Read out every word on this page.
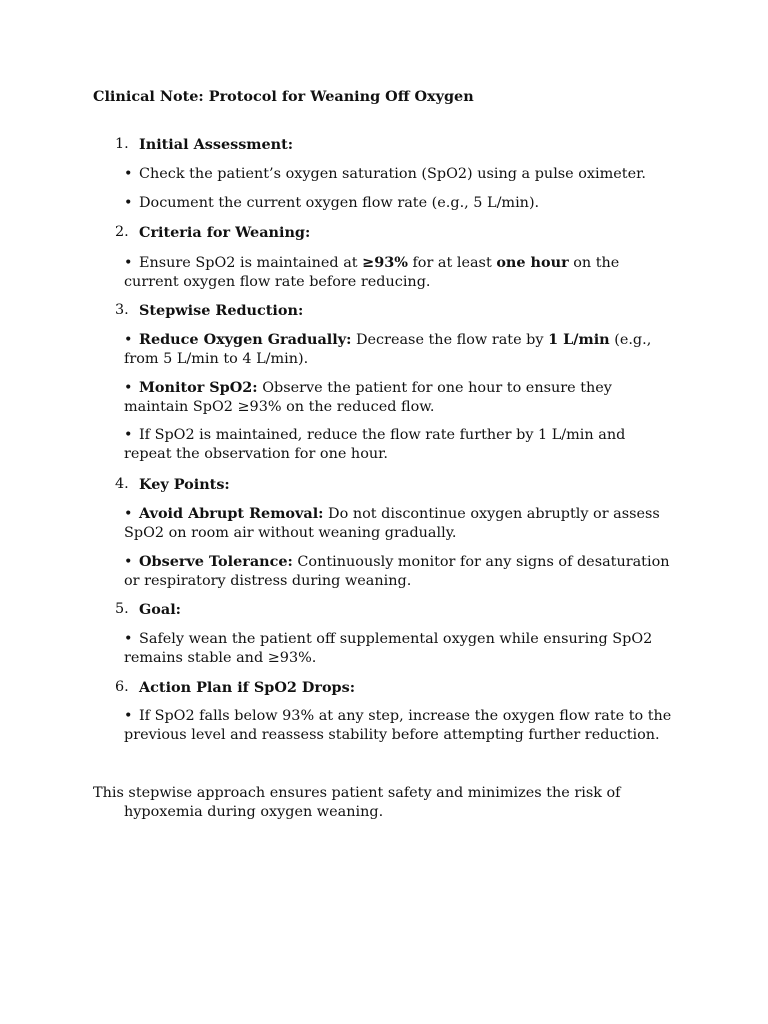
Clinical Note: Protocol for Weaning Off Oxygen
1. Initial Assessment:
• Check the patient’s oxygen saturation (SpO2) using a pulse oximeter.
• Document the current oxygen flow rate (e.g., 5 L/min).
2. Criteria for Weaning:
• Ensure SpO2 is maintained at ≥93% for at least one hour on the current oxygen flow rate before reducing.
3. Stepwise Reduction:
• Reduce Oxygen Gradually: Decrease the flow rate by 1 L/min (e.g., from 5 L/min to 4 L/min).
• Monitor SpO2: Observe the patient for one hour to ensure they maintain SpO2 ≥93% on the reduced flow.
• If SpO2 is maintained, reduce the flow rate further by 1 L/min and repeat the observation for one hour.
4. Key Points:
• Avoid Abrupt Removal: Do not discontinue oxygen abruptly or assess SpO2 on room air without weaning gradually.
• Observe Tolerance: Continuously monitor for any signs of desaturation or respiratory distress during weaning.
5. Goal:
• Safely wean the patient off supplemental oxygen while ensuring SpO2 remains stable and ≥93%.
6. Action Plan if SpO2 Drops:
• If SpO2 falls below 93% at any step, increase the oxygen flow rate to the previous level and reassess stability before attempting further reduction.
This stepwise approach ensures patient safety and minimizes the risk of hypoxemia during oxygen weaning.
